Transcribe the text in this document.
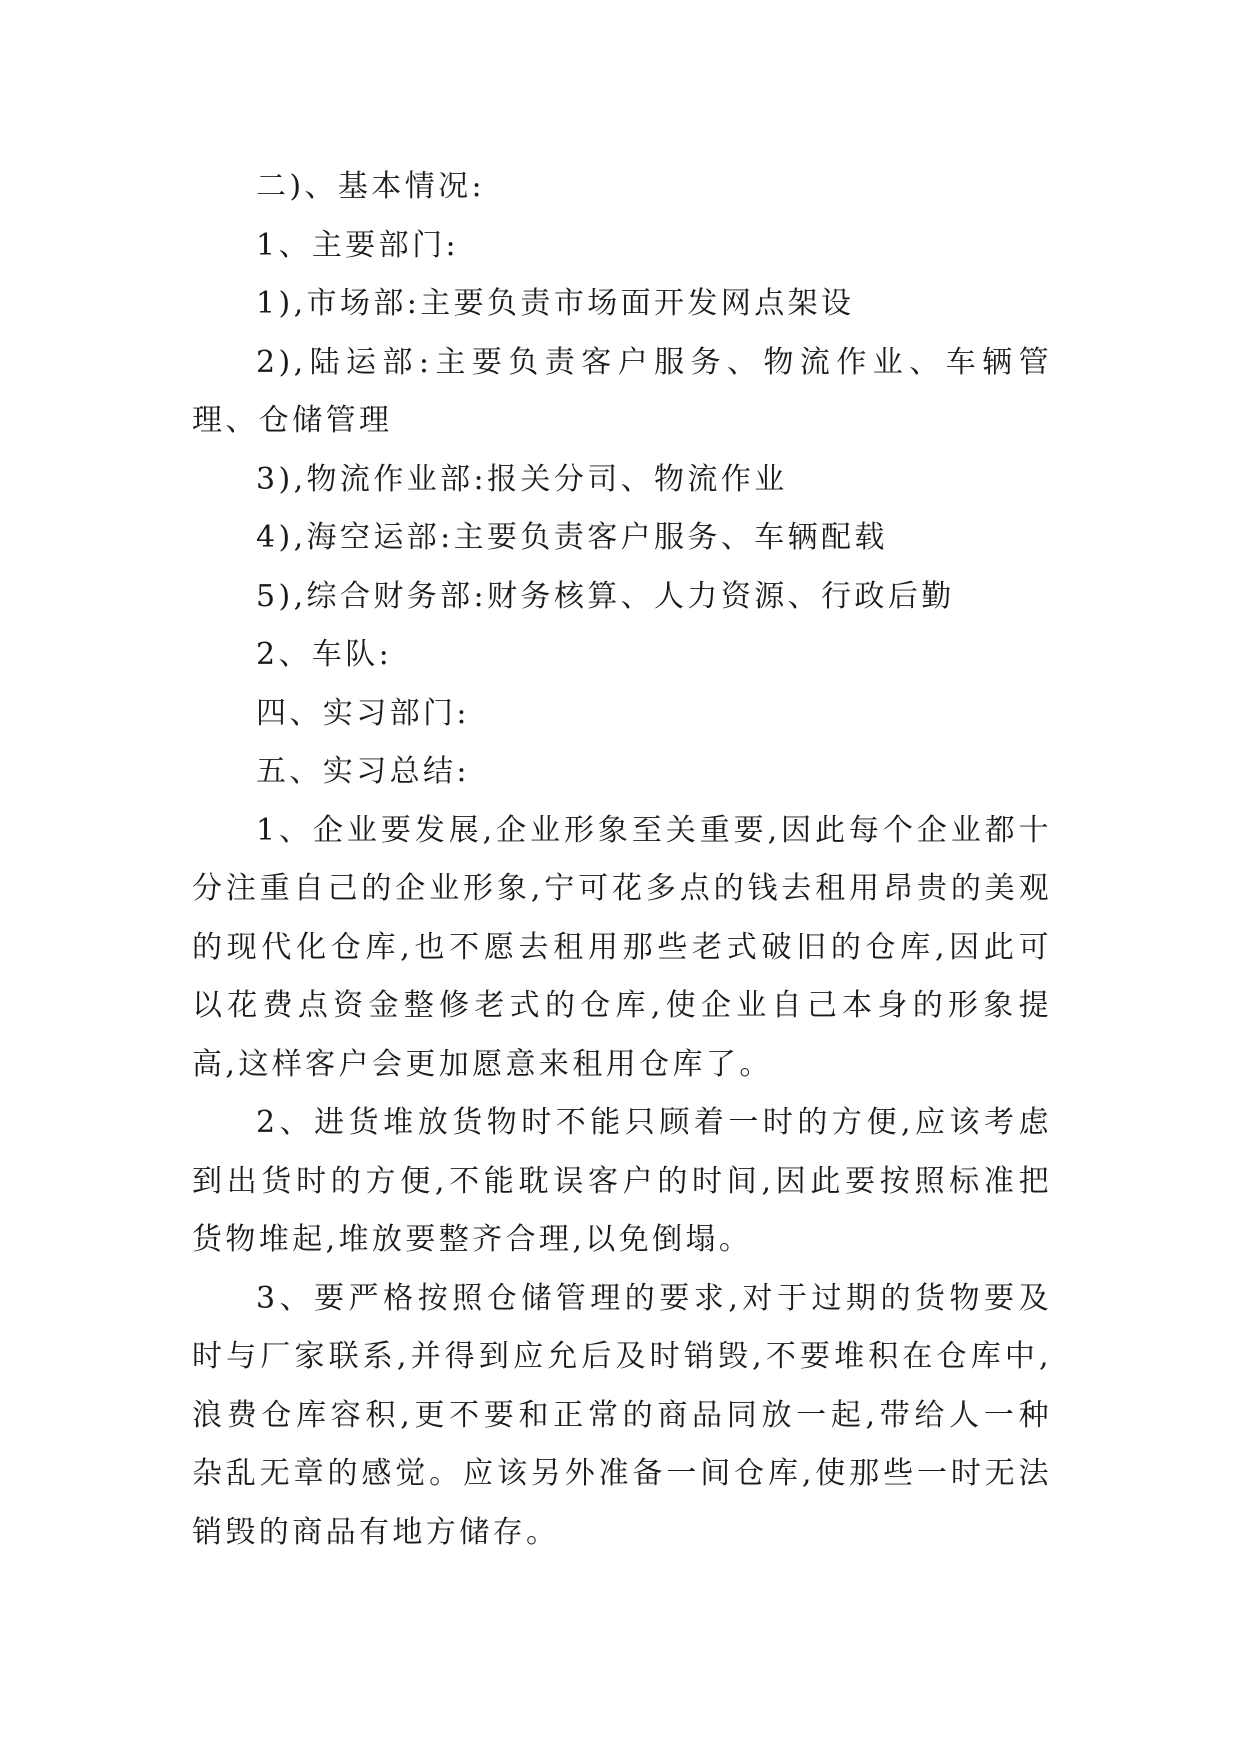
二)、基本情况:

1、主要部门:

1),市场部:主要负责市场面开发网点架设

2),陆运部:主要负责客户服务、物流作业、车辆管理、仓储管理

3),物流作业部:报关分司、物流作业

4),海空运部:主要负责客户服务、车辆配载

5),综合财务部:财务核算、人力资源、行政后勤

2、车队:

四、实习部门:

五、实习总结:

1、企业要发展,企业形象至关重要,因此每个企业都十分注重自己的企业形象,宁可花多点的钱去租用昂贵的美观的现代化仓库,也不愿去租用那些老式破旧的仓库,因此可以花费点资金整修老式的仓库,使企业自己本身的形象提高,这样客户会更加愿意来租用仓库了。

2、进货堆放货物时不能只顾着一时的方便,应该考虑到出货时的方便,不能耽误客户的时间,因此要按照标准把货物堆起,堆放要整齐合理,以免倒塌。

3、要严格按照仓储管理的要求,对于过期的货物要及时与厂家联系,并得到应允后及时销毁,不要堆积在仓库中,浪费仓库容积,更不要和正常的商品同放一起,带给人一种杂乱无章的感觉。应该另外准备一间仓库,使那些一时无法销毁的商品有地方储存。
